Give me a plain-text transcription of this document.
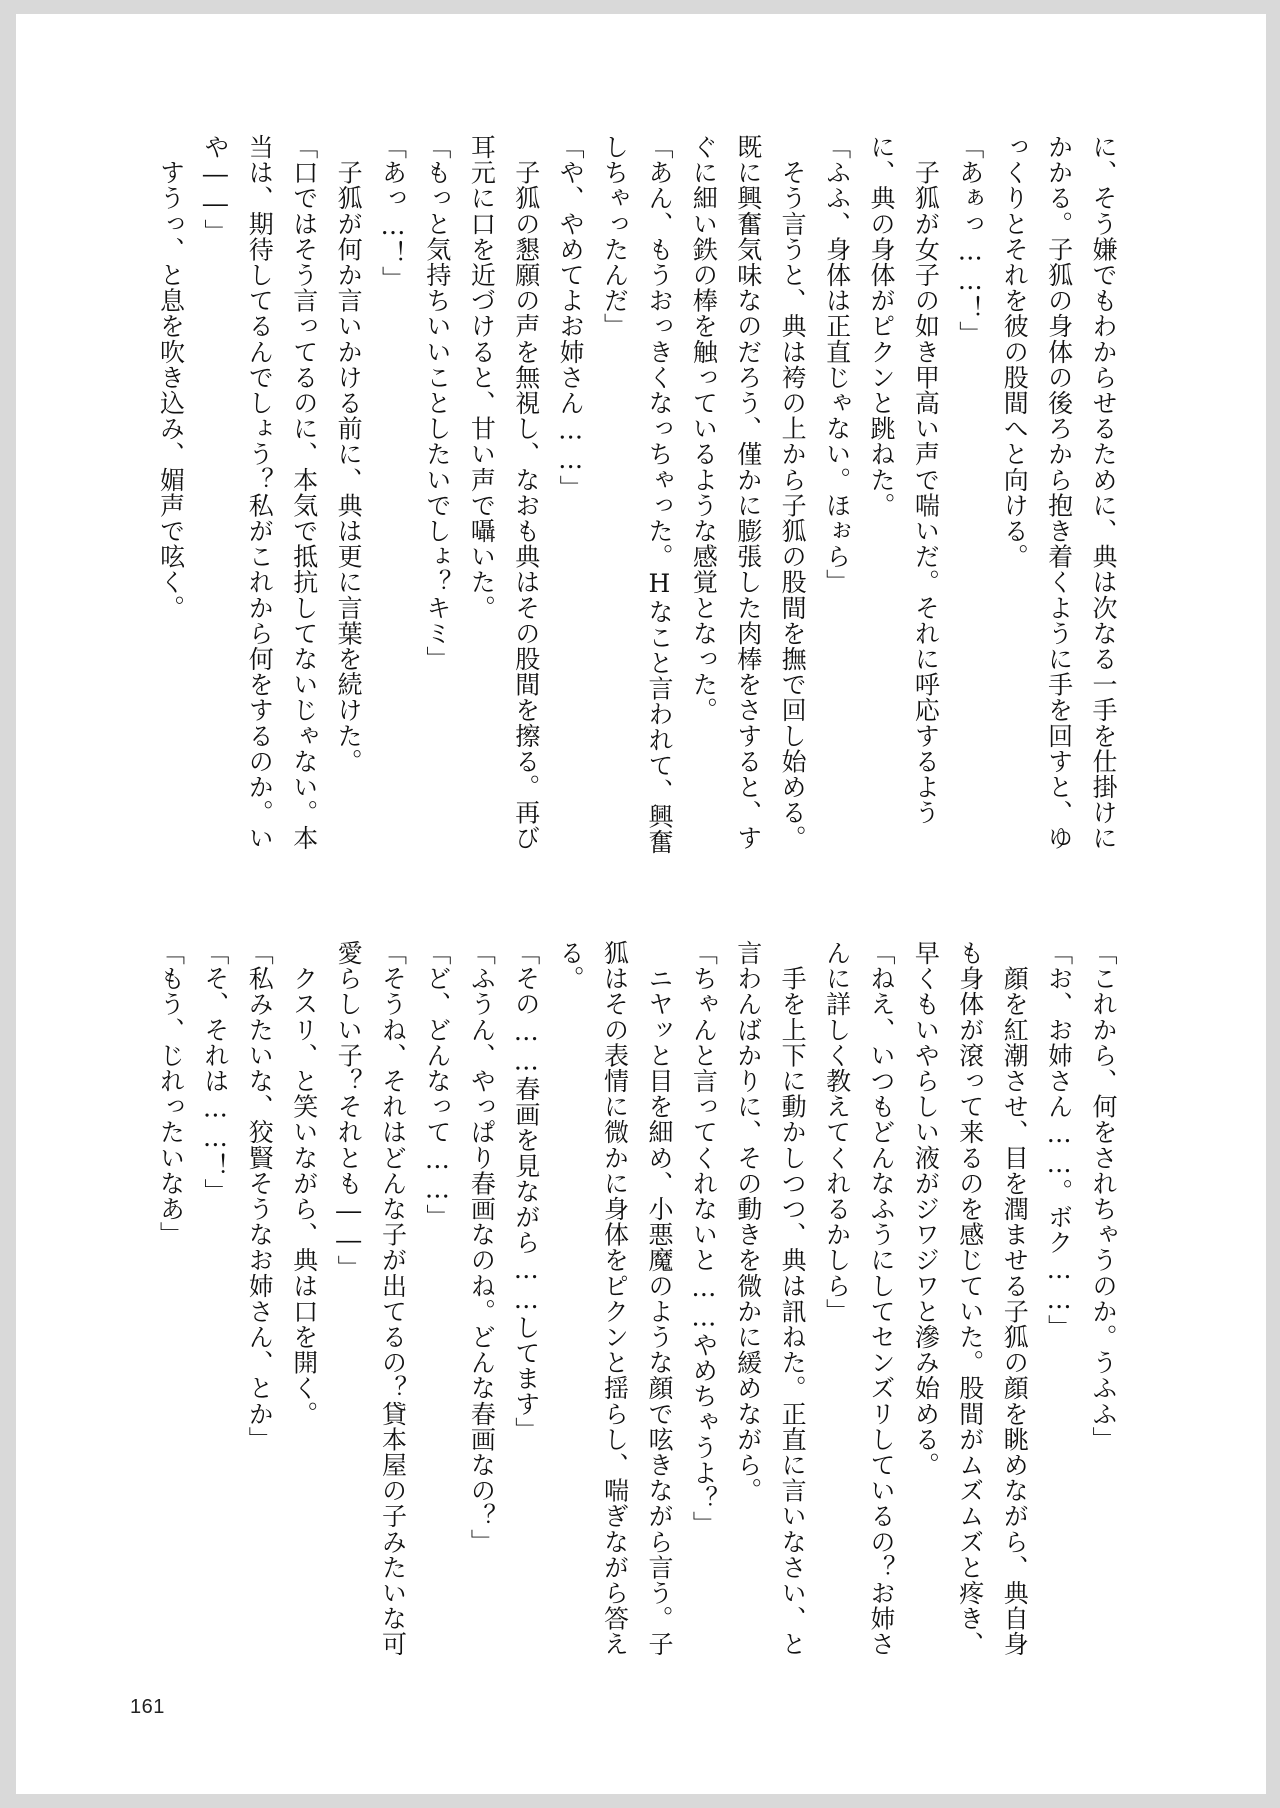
に、そう嫌でもわからせるために、典は次なる一手を仕掛けに
かかる。子狐の身体の後ろから抱き着くように手を回すと、ゆ
っくりとそれを彼の股間へと向ける。
「あぁっ……！」
　子狐が女子の如き甲高い声で喘いだ。それに呼応するよう
に、典の身体がピクンと跳ねた。
「ふふ、身体は正直じゃない。ほぉら」
　そう言うと、典は袴の上から子狐の股間を撫で回し始める。
既に興奮気味なのだろう、僅かに膨張した肉棒をさすると、す
ぐに細い鉄の棒を触っているような感覚となった。
「あん、もうおっきくなっちゃった。Hなこと言われて、興奮
しちゃったんだ」
「や、やめてよお姉さん……」
　子狐の懇願の声を無視し、なおも典はその股間を擦る。再び
耳元に口を近づけると、甘い声で囁いた。
「もっと気持ちいいことしたいでしょ？キミ」
「あっ…！」
　子狐が何か言いかける前に、典は更に言葉を続けた。
「口ではそう言ってるのに、本気で抵抗してないじゃない。本
当は、期待してるんでしょう？私がこれから何をするのか。い
や――」
　すうっ、と息を吹き込み、媚声で呟く。
「これから、何をされちゃうのか。うふふ」
「お、お姉さん……。ボク……」
　顔を紅潮させ、目を潤ませる子狐の顔を眺めながら、典自身
も身体が滾って来るのを感じていた。股間がムズムズと疼き、
早くもいやらしい液がジワジワと滲み始める。
「ねえ、いつもどんなふうにしてセンズリしているの？お姉さ
んに詳しく教えてくれるかしら」
　手を上下に動かしつつ、典は訊ねた。正直に言いなさい、と
言わんばかりに、その動きを微かに緩めながら。
「ちゃんと言ってくれないと……やめちゃうよ？」
　ニヤッと目を細め、小悪魔のような顔で呟きながら言う。子
狐はその表情に微かに身体をピクンと揺らし、喘ぎながら答え
る。
「その……春画を見ながら……してます」
「ふうん、やっぱり春画なのね。どんな春画なの？」
「ど、どんなって……」
「そうね、それはどんな子が出てるの？貸本屋の子みたいな可
愛らしい子？それとも――」
　クスリ、と笑いながら、典は口を開く。
「私みたいな、狡賢そうなお姉さん、とか」
「そ、それは……！」
「もう、じれったいなあ」
161
